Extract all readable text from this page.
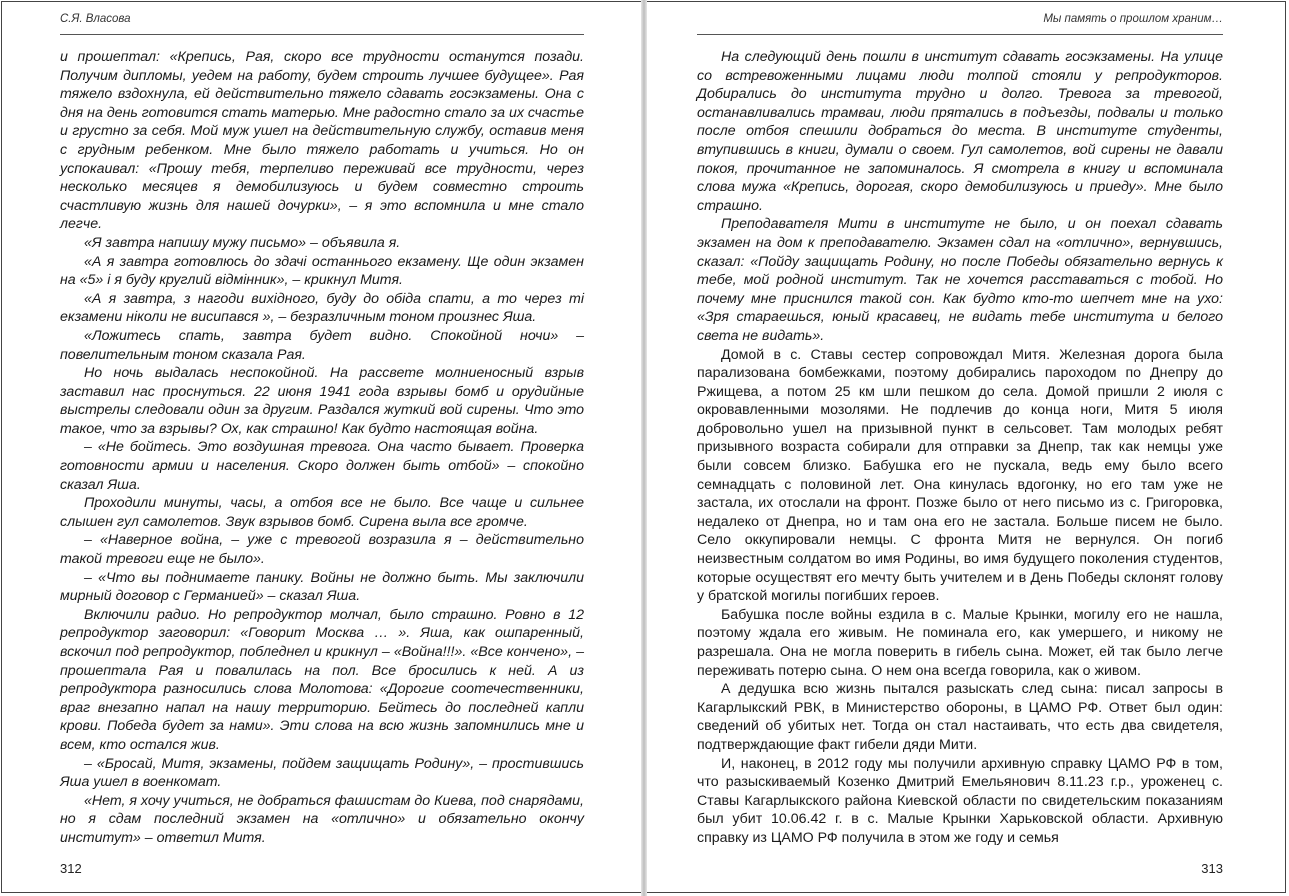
С.Я. Власова

и прошептал: «Крепись, Рая, скоро все трудности останутся позади. Получим дипломы, уедем на работу, будем строить лучшее будущее». Рая тяжело вздохнула, ей действительно тяжело сдавать госэкзамены. Она с дня на день готовится стать матерью. Мне радостно стало за их счастье и грустно за себя. Мой муж ушел на действительную службу, оставив меня с грудным ребенком. Мне было тяжело работать и учиться. Но он успокаивал: «Прошу тебя, терпеливо переживай все трудности, через несколько месяцев я демобилизуюсь и будем совместно строить счастливую жизнь для нашей дочурки», – я это вспомнила и мне стало легче.

«Я завтра напишу мужу письмо» – объявила я.

«А я завтра готовлюсь до здачі останнього екзамену. Ще один экзамен на «5» і я буду круглий відмінник», – крикнул Митя.

«А я завтра, з нагоди вихідного, буду до обіда спати, а то через ті екзамени ніколи не висипався », – безразличным тоном произнес Яша.

«Ложитесь спать, завтра будет видно. Спокойной ночи» – повелительным тоном сказала Рая.

Но ночь выдалась неспокойной. На рассвете молниеносный взрыв заставил нас проснуться. 22 июня 1941 года взрывы бомб и орудийные выстрелы следовали один за другим. Раздался жуткий вой сирены. Что это такое, что за взрывы? Ох, как страшно! Как будто настоящая война.

– «Не бойтесь. Это воздушная тревога. Она часто бывает. Проверка готовности армии и населения. Скоро должен быть отбой» – спокойно сказал Яша.

Проходили минуты, часы, а отбоя все не было. Все чаще и сильнее слышен гул самолетов. Звук взрывов бомб. Сирена выла все громче.

– «Наверное война, – уже с тревогой возразила я – действительно такой тревоги еще не было».

– «Что вы поднимаете панику. Войны не должно быть. Мы заключили мирный договор с Германией» – сказал Яша.

Включили радио. Но репродуктор молчал, было страшно. Ровно в 12 репродуктор заговорил: «Говорит Москва … ». Яша, как ошпаренный, вскочил под репродуктор, побледнел и крикнул – «Война!!!». «Все кончено», – прошептала Рая и повалилась на пол. Все бросились к ней. А из репродуктора разносились слова Молотова: «Дорогие соотечественники, враг внезапно напал на нашу территорию. Бейтесь до последней капли крови. Победа будет за нами». Эти слова на всю жизнь запомнились мне и всем, кто остался жив.

– «Бросай, Митя, экзамены, пойдем защищать Родину», – простившись Яша ушел в военкомат.

«Нет, я хочу учиться, не добраться фашистам до Киева, под снарядами, но я сдам последний экзамен на «отлично» и обязательно окончу институт» – ответил Митя.

312
Мы память о прошлом храним…

На следующий день пошли в институт сдавать госэкзамены. На улице со встревоженными лицами люди толпой стояли у репродукторов. Добирались до института трудно и долго. Тревога за тревогой, останавливались трамваи, люди прятались в подъезды, подвалы и только после отбоя спешили добраться до места. В институте студенты, втупившись в книги, думали о своем. Гул самолетов, вой сирены не давали покоя, прочитанное не запоминалось. Я смотрела в книгу и вспоминала слова мужа «Крепись, дорогая, скоро демобилизуюсь и приеду». Мне было страшно.

Преподавателя Мити в институте не было, и он поехал сдавать экзамен на дом к преподавателю. Экзамен сдал на «отлично», вернувшись, сказал: «Пойду защищать Родину, но после Победы обязательно вернусь к тебе, мой родной институт. Так не хочется расставаться с тобой. Но почему мне приснился такой сон. Как будто кто-то шепчет мне на ухо: «Зря стараешься, юный красавец, не видать тебе института и белого света не видать».

Домой в с. Ставы сестер сопровождал Митя. Железная дорога была парализована бомбежками, поэтому добирались пароходом по Днепру до Ржищева, а потом 25 км шли пешком до села. Домой пришли 2 июля с окровавленными мозолями. Не подлечив до конца ноги, Митя 5 июля добровольно ушел на призывной пункт в сельсовет. Там молодых ребят призывного возраста собирали для отправки за Днепр, так как немцы уже были совсем близко. Бабушка его не пускала, ведь ему было всего семнадцать с половиной лет. Она кинулась вдогонку, но его там уже не застала, их отослали на фронт. Позже было от него письмо из с. Григоровка, недалеко от Днепра, но и там она его не застала. Больше писем не было. Село оккупировали немцы. С фронта Митя не вернулся. Он погиб неизвестным солдатом во имя Родины, во имя будущего поколения студентов, которые осуществят его мечту быть учителем и в День Победы склонят голову у братской могилы погибших героев.

Бабушка после войны ездила в с. Малые Крынки, могилу его не нашла, поэтому ждала его живым. Не поминала его, как умершего, и никому не разрешала. Она не могла поверить в гибель сына. Может, ей так было легче переживать потерю сына. О нем она всегда говорила, как о живом.

А дедушка всю жизнь пытался разыскать след сына: писал запросы в Кагарлыкский РВК, в Министерство обороны, в ЦАМО РФ. Ответ был один: сведений об убитых нет. Тогда он стал настаивать, что есть два свидетеля, подтверждающие факт гибели дяди Мити.

И, наконец, в 2012 году мы получили архивную справку ЦАМО РФ в том, что разыскиваемый Козенко Дмитрий Емельянович 8.11.23 г.р., уроженец с. Ставы Кагарлыкского района Киевской области по свидетельским показаниям был убит 10.06.42 г. в с. Малые Крынки Харьковской области. Архивную справку из ЦАМО РФ получила в этом же году и семья

313
